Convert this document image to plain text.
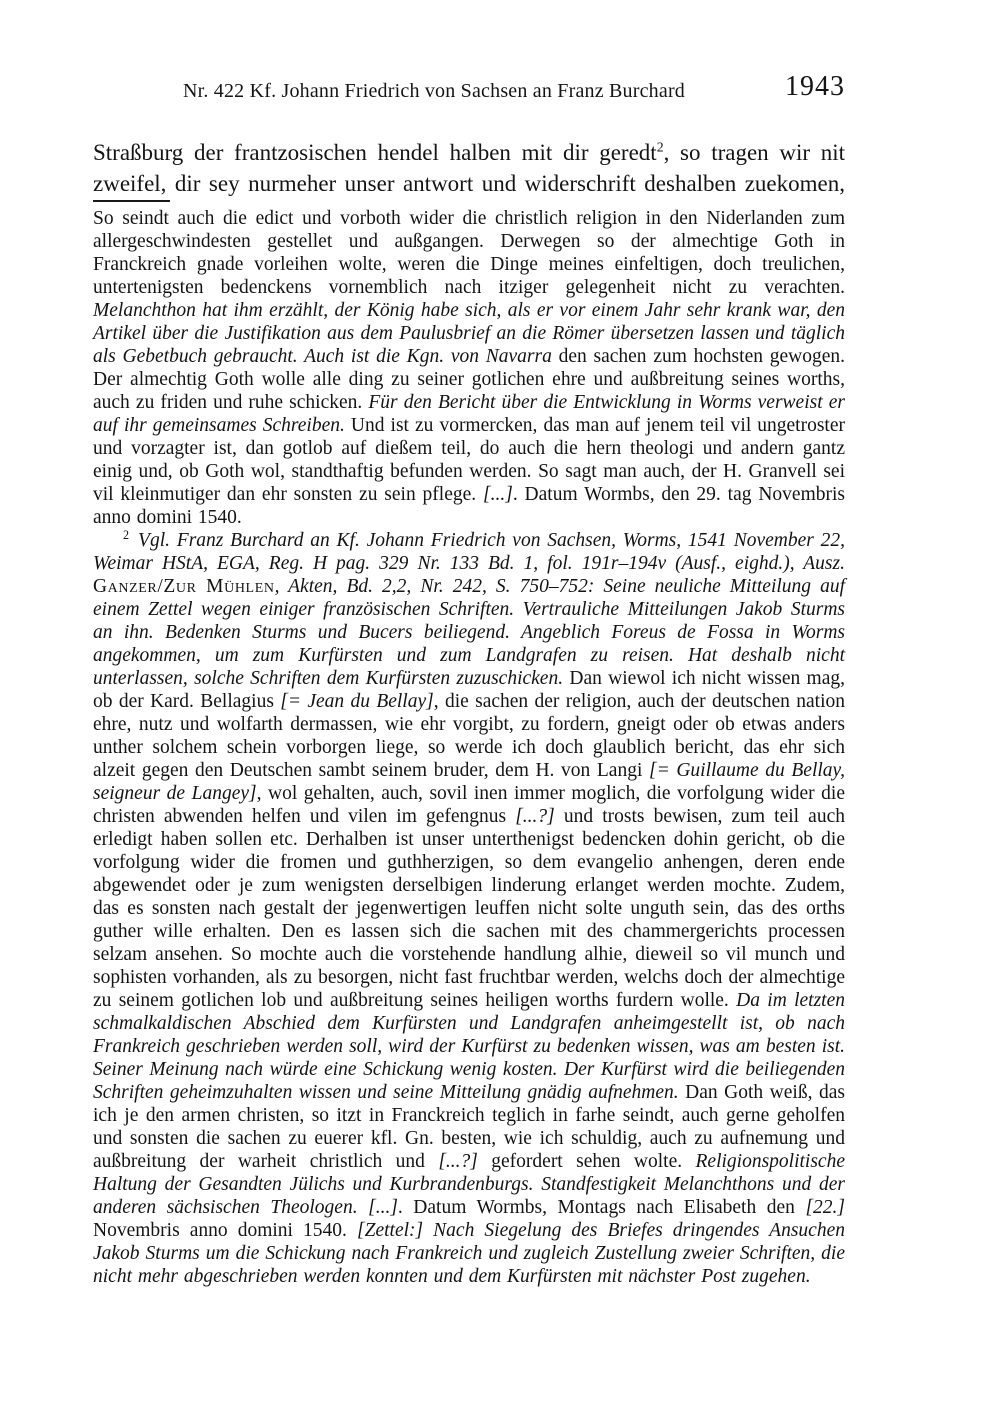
Nr. 422 Kf. Johann Friedrich von Sachsen an Franz Burchard	1943

Straßburg der frantzosischen hendel halben mit dir geredt$^2$, so tragen wir nit zweifel, dir sey nurmeher unser antwort und widerschrift deshalben zuekomen,

So seindt auch die edict und vorboth wider die christlich religion in den Niderlanden zum allergeschwindesten gestellet und außgangen. Derwegen so der almechtige Goth in Franckreich gnade vorleihen wolte, weren die Dinge meines einfeltigen, doch treulichen, untertenigsten bedenckens vornemblich nach itziger gelegenheit nicht zu verachten. Melanchthon hat ihm erzählt, der König habe sich, als er vor einem Jahr sehr krank war, den Artikel über die Justifikation aus dem Paulusbrief an die Römer übersetzen lassen und täglich als Gebetbuch gebraucht. Auch ist die Kgn. von Navarra den sachen zum hochsten gewogen. Der almechtig Goth wolle alle ding zu seiner gotlichen ehre und außbreitung seines worths, auch zu friden und ruhe schicken. Für den Bericht über die Entwicklung in Worms verweist er auf ihr gemeinsames Schreiben. Und ist zu vormercken, das man auf jenem teil vil ungetroster und vorzagter ist, dan gotlob auf dießem teil, do auch die hern theologi und andern gantz einig und, ob Goth wol, standthaftig befunden werden. So sagt man auch, der H. Granvell sei vil kleinmutiger dan ehr sonsten zu sein pflege. [...]. Datum Wormbs, den 29. tag Novembris anno domini 1540.

$^2$ Vgl. Franz Burchard an Kf. Johann Friedrich von Sachsen, Worms, 1541 November 22, Weimar HStA, EGA, Reg. H pag. 329 Nr. 133 Bd. 1, fol. 191r–194v (Ausf., eighd.), Ausz. Ganzer/Zur Mühlen, Akten, Bd. 2,2, Nr. 242, S. 750–752: Seine neuliche Mitteilung auf einem Zettel wegen einiger französischen Schriften. Vertrauliche Mitteilungen Jakob Sturms an ihn. Bedenken Sturms und Bucers beiliegend. Angeblich Foreus de Fossa in Worms angekommen, um zum Kurfürsten und zum Landgrafen zu reisen. Hat deshalb nicht unterlassen, solche Schriften dem Kurfürsten zuzuschicken. Dan wiewol ich nicht wissen mag, ob der Kard. Bellagius [= Jean du Bellay], die sachen der religion, auch der deutschen nation ehre, nutz und wolfarth dermassen, wie ehr vorgibt, zu fordern, gneigt oder ob etwas anders unther solchem schein vorborgen liege, so werde ich doch glaublich bericht, das ehr sich alzeit gegen den Deutschen sambt seinem bruder, dem H. von Langi [= Guillaume du Bellay, seigneur de Langey], wol gehalten, auch, sovil inen immer moglich, die vorfolgung wider die christen abwenden helfen und vilen im gefengnus [...?] und trosts bewisen, zum teil auch erledigt haben sollen etc. Derhalben ist unser unterthenigst bedencken dohin gericht, ob die vorfolgung wider die fromen und guthherzigen, so dem evangelio anhengen, deren ende abgewendet oder je zum wenigsten derselbigen linderung erlanget werden mochte. Zudem, das es sonsten nach gestalt der jegenwertigen leuffen nicht solte unguth sein, das des orths guther wille erhalten. Den es lassen sich die sachen mit des chammergerichts processen selzam ansehen. So mochte auch die vorstehende handlung alhie, dieweil so vil munch und sophisten vorhanden, als zu besorgen, nicht fast fruchtbar werden, welchs doch der almechtige zu seinem gotlichen lob und außbreitung seines heiligen worths furdern wolle. Da im letzten schmalkaldischen Abschied dem Kurfürsten und Landgrafen anheimgestellt ist, ob nach Frankreich geschrieben werden soll, wird der Kurfürst zu bedenken wissen, was am besten ist. Seiner Meinung nach würde eine Schickung wenig kosten. Der Kurfürst wird die beiliegenden Schriften geheimzuhalten wissen und seine Mitteilung gnädig aufnehmen. Dan Goth weiß, das ich je den armen christen, so itzt in Franckreich teglich in farhe seindt, auch gerne geholfen und sonsten die sachen zu euerer kfl. Gn. besten, wie ich schuldig, auch zu aufnemung und außbreitung der warheit christlich und [...?] gefordert sehen wolte. Religionspolitische Haltung der Gesandten Jülichs und Kurbrandenburgs. Standfestigkeit Melanchthons und der anderen sächsischen Theologen. [...]. Datum Wormbs, Montags nach Elisabeth den [22.] Novembris anno domini 1540. [Zettel:] Nach Siegelung des Briefes dringendes Ansuchen Jakob Sturms um die Schickung nach Frankreich und zugleich Zustellung zweier Schriften, die nicht mehr abgeschrieben werden konnten und dem Kurfürsten mit nächster Post zugehen.
